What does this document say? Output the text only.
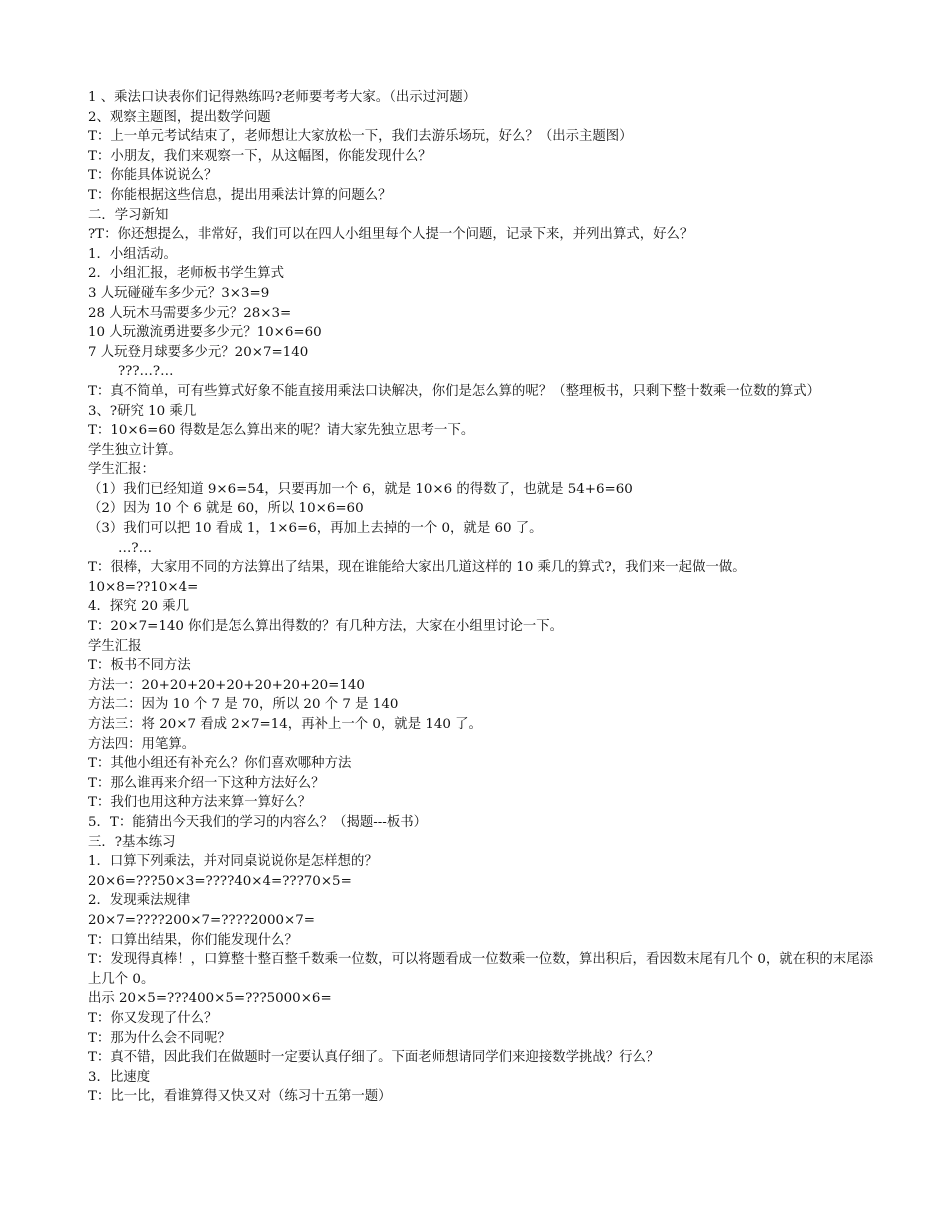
1 、乘法口诀表你们记得熟练吗?老师要考考大家。（出示过河题）
2、观察主题图，提出数学问题
T：上一单元考试结束了，老师想让大家放松一下，我们去游乐场玩，好么？（出示主题图）
T：小朋友，我们来观察一下，从这幅图，你能发现什么？
T：你能具体说说么？
T：你能根据这些信息，提出用乘法计算的问题么？
二．学习新知
?T：你还想提么，非常好，我们可以在四人小组里每个人提一个问题，记录下来，并列出算式，好么？
1．小组活动。
2．小组汇报，老师板书学生算式
3 人玩碰碰车多少元？3×3=9
28 人玩木马需要多少元？28×3=
10 人玩激流勇进要多少元？10×6=60
7 人玩登月球要多少元？20×7=140
???…?…
T：真不简单，可有些算式好象不能直接用乘法口诀解决，你们是怎么算的呢？（整理板书，只剩下整十数乘一位数的算式）
3、?研究 10 乘几
T：10×6=60 得数是怎么算出来的呢？请大家先独立思考一下。
学生独立计算。
学生汇报：
（1）我们已经知道 9×6=54，只要再加一个 6，就是 10×6 的得数了，也就是 54+6=60
（2）因为 10 个 6 就是 60，所以 10×6=60
（3）我们可以把 10 看成 1，1×6=6，再加上去掉的一个 0，就是 60 了。
…?…
T：很棒，大家用不同的方法算出了结果，现在谁能给大家出几道这样的 10 乘几的算式?，我们来一起做一做。
10×8=??10×4=
4．探究 20 乘几
T：20×7=140 你们是怎么算出得数的？有几种方法，大家在小组里讨论一下。
学生汇报
T：板书不同方法
方法一：20+20+20+20+20+20+20=140
方法二：因为 10 个 7 是 70，所以 20 个 7 是 140
方法三：将 20×7 看成 2×7=14，再补上一个 0，就是 140 了。
方法四：用笔算。
T：其他小组还有补充么？你们喜欢哪种方法
T：那么谁再来介绍一下这种方法好么？
T：我们也用这种方法来算一算好么？
5．T：能猜出今天我们的学习的内容么？（揭题---板书）
三．?基本练习
1．口算下列乘法，并对同桌说说你是怎样想的？
20×6=???50×3=????40×4=???70×5=
2．发现乘法规律
20×7=????200×7=????2000×7=
T：口算出结果，你们能发现什么？
T：发现得真棒！，口算整十整百整千数乘一位数，可以将题看成一位数乘一位数，算出积后，看因数末尾有几个 0，就在积的末尾添上几个 0。
出示 20×5=???400×5=???5000×6=
T：你又发现了什么？
T：那为什么会不同呢？
T：真不错，因此我们在做题时一定要认真仔细了。下面老师想请同学们来迎接数学挑战？行么？
3．比速度
T：比一比，看谁算得又快又对（练习十五第一题）
